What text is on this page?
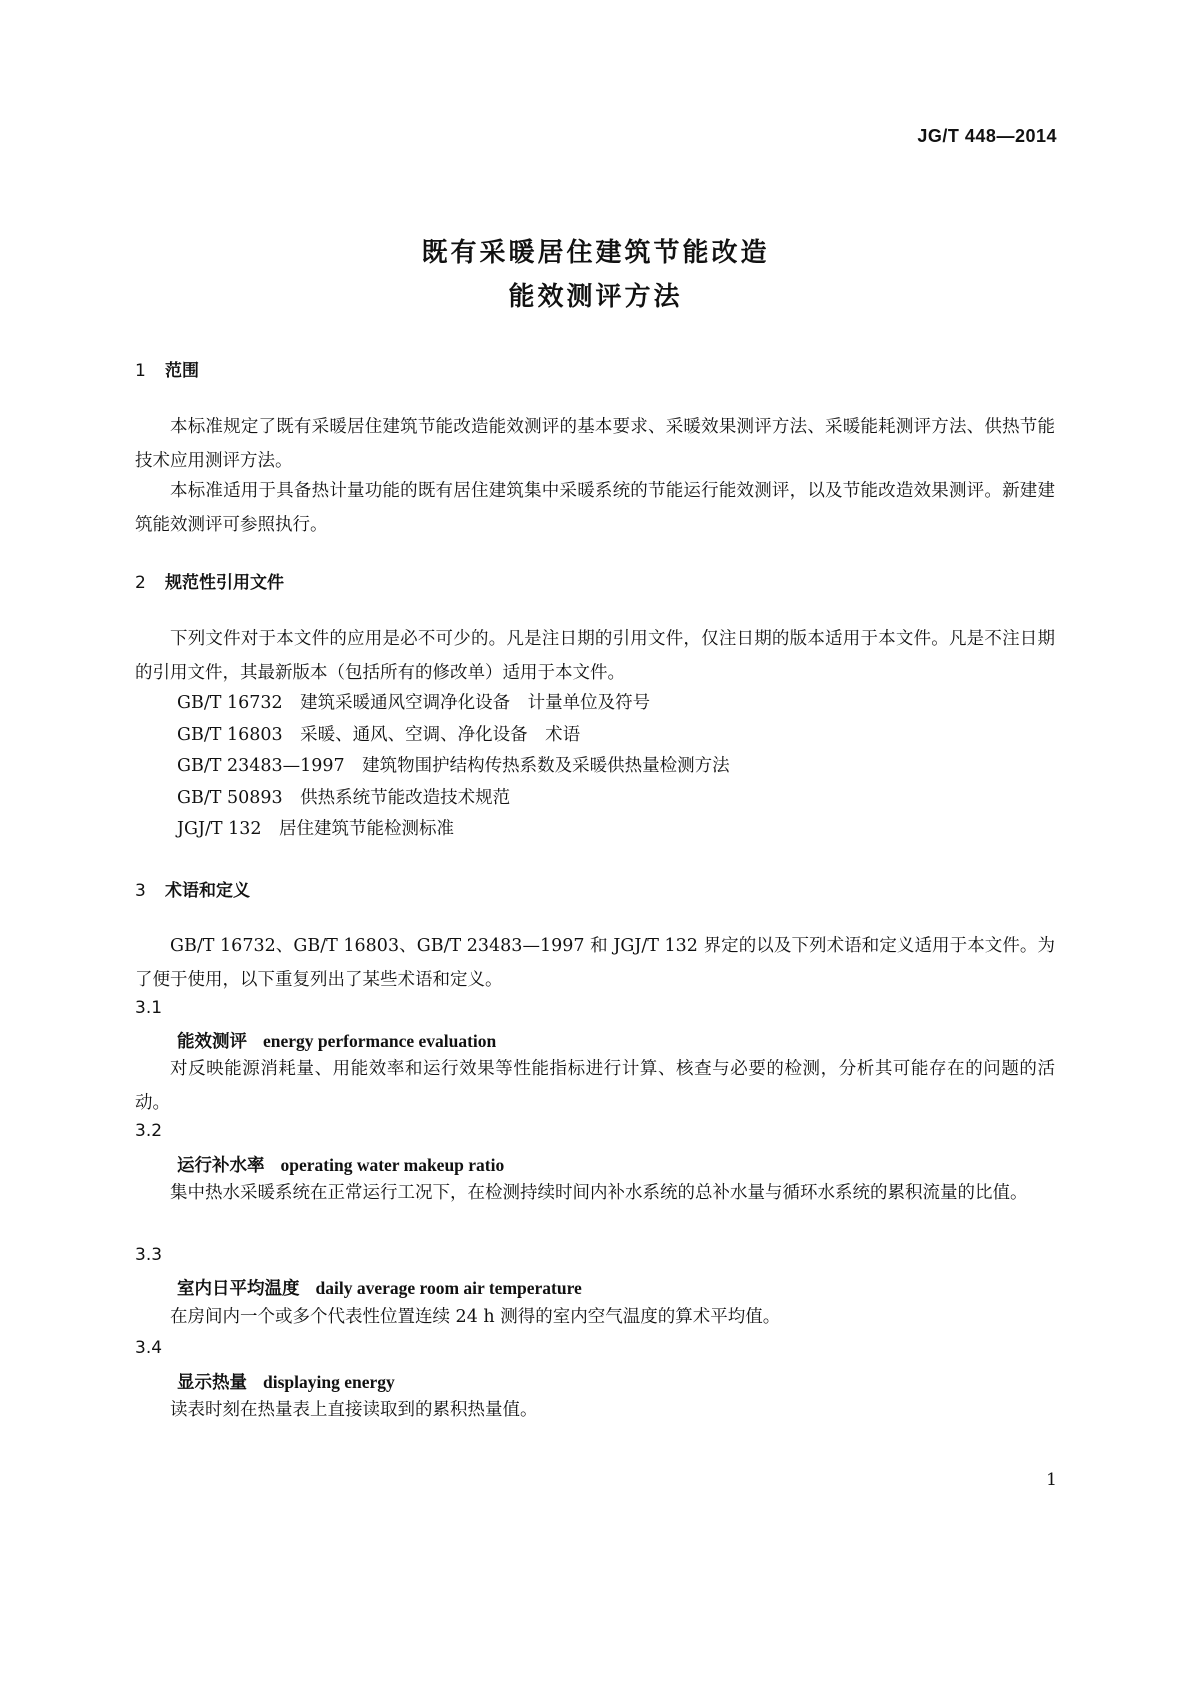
JG/T 448—2014
既有采暖居住建筑节能改造
能效测评方法
1 范围
本标准规定了既有采暖居住建筑节能改造能效测评的基本要求、采暖效果测评方法、采暖能耗测评方法、供热节能技术应用测评方法。
本标准适用于具备热计量功能的既有居住建筑集中采暖系统的节能运行能效测评，以及节能改造效果测评。新建建筑能效测评可参照执行。
2 规范性引用文件
下列文件对于本文件的应用是必不可少的。凡是注日期的引用文件，仅注日期的版本适用于本文件。凡是不注日期的引用文件，其最新版本（包括所有的修改单）适用于本文件。
GB/T 16732　建筑采暖通风空调净化设备　计量单位及符号
GB/T 16803　采暖、通风、空调、净化设备　术语
GB/T 23483—1997　建筑物围护结构传热系数及采暖供热量检测方法
GB/T 50893　供热系统节能改造技术规范
JGJ/T 132　居住建筑节能检测标准
3 术语和定义
GB/T 16732、GB/T 16803、GB/T 23483—1997 和 JGJ/T 132 界定的以及下列术语和定义适用于本文件。为了便于使用，以下重复列出了某些术语和定义。
3.1
能效测评 energy performance evaluation
对反映能源消耗量、用能效率和运行效果等性能指标进行计算、核查与必要的检测，分析其可能存在的问题的活动。
3.2
运行补水率 operating water makeup ratio
集中热水采暖系统在正常运行工况下，在检测持续时间内补水系统的总补水量与循环水系统的累积流量的比值。
3.3
室内日平均温度 daily average room air temperature
在房间内一个或多个代表性位置连续 24 h 测得的室内空气温度的算术平均值。
3.4
显示热量 displaying energy
读表时刻在热量表上直接读取到的累积热量值。
1
